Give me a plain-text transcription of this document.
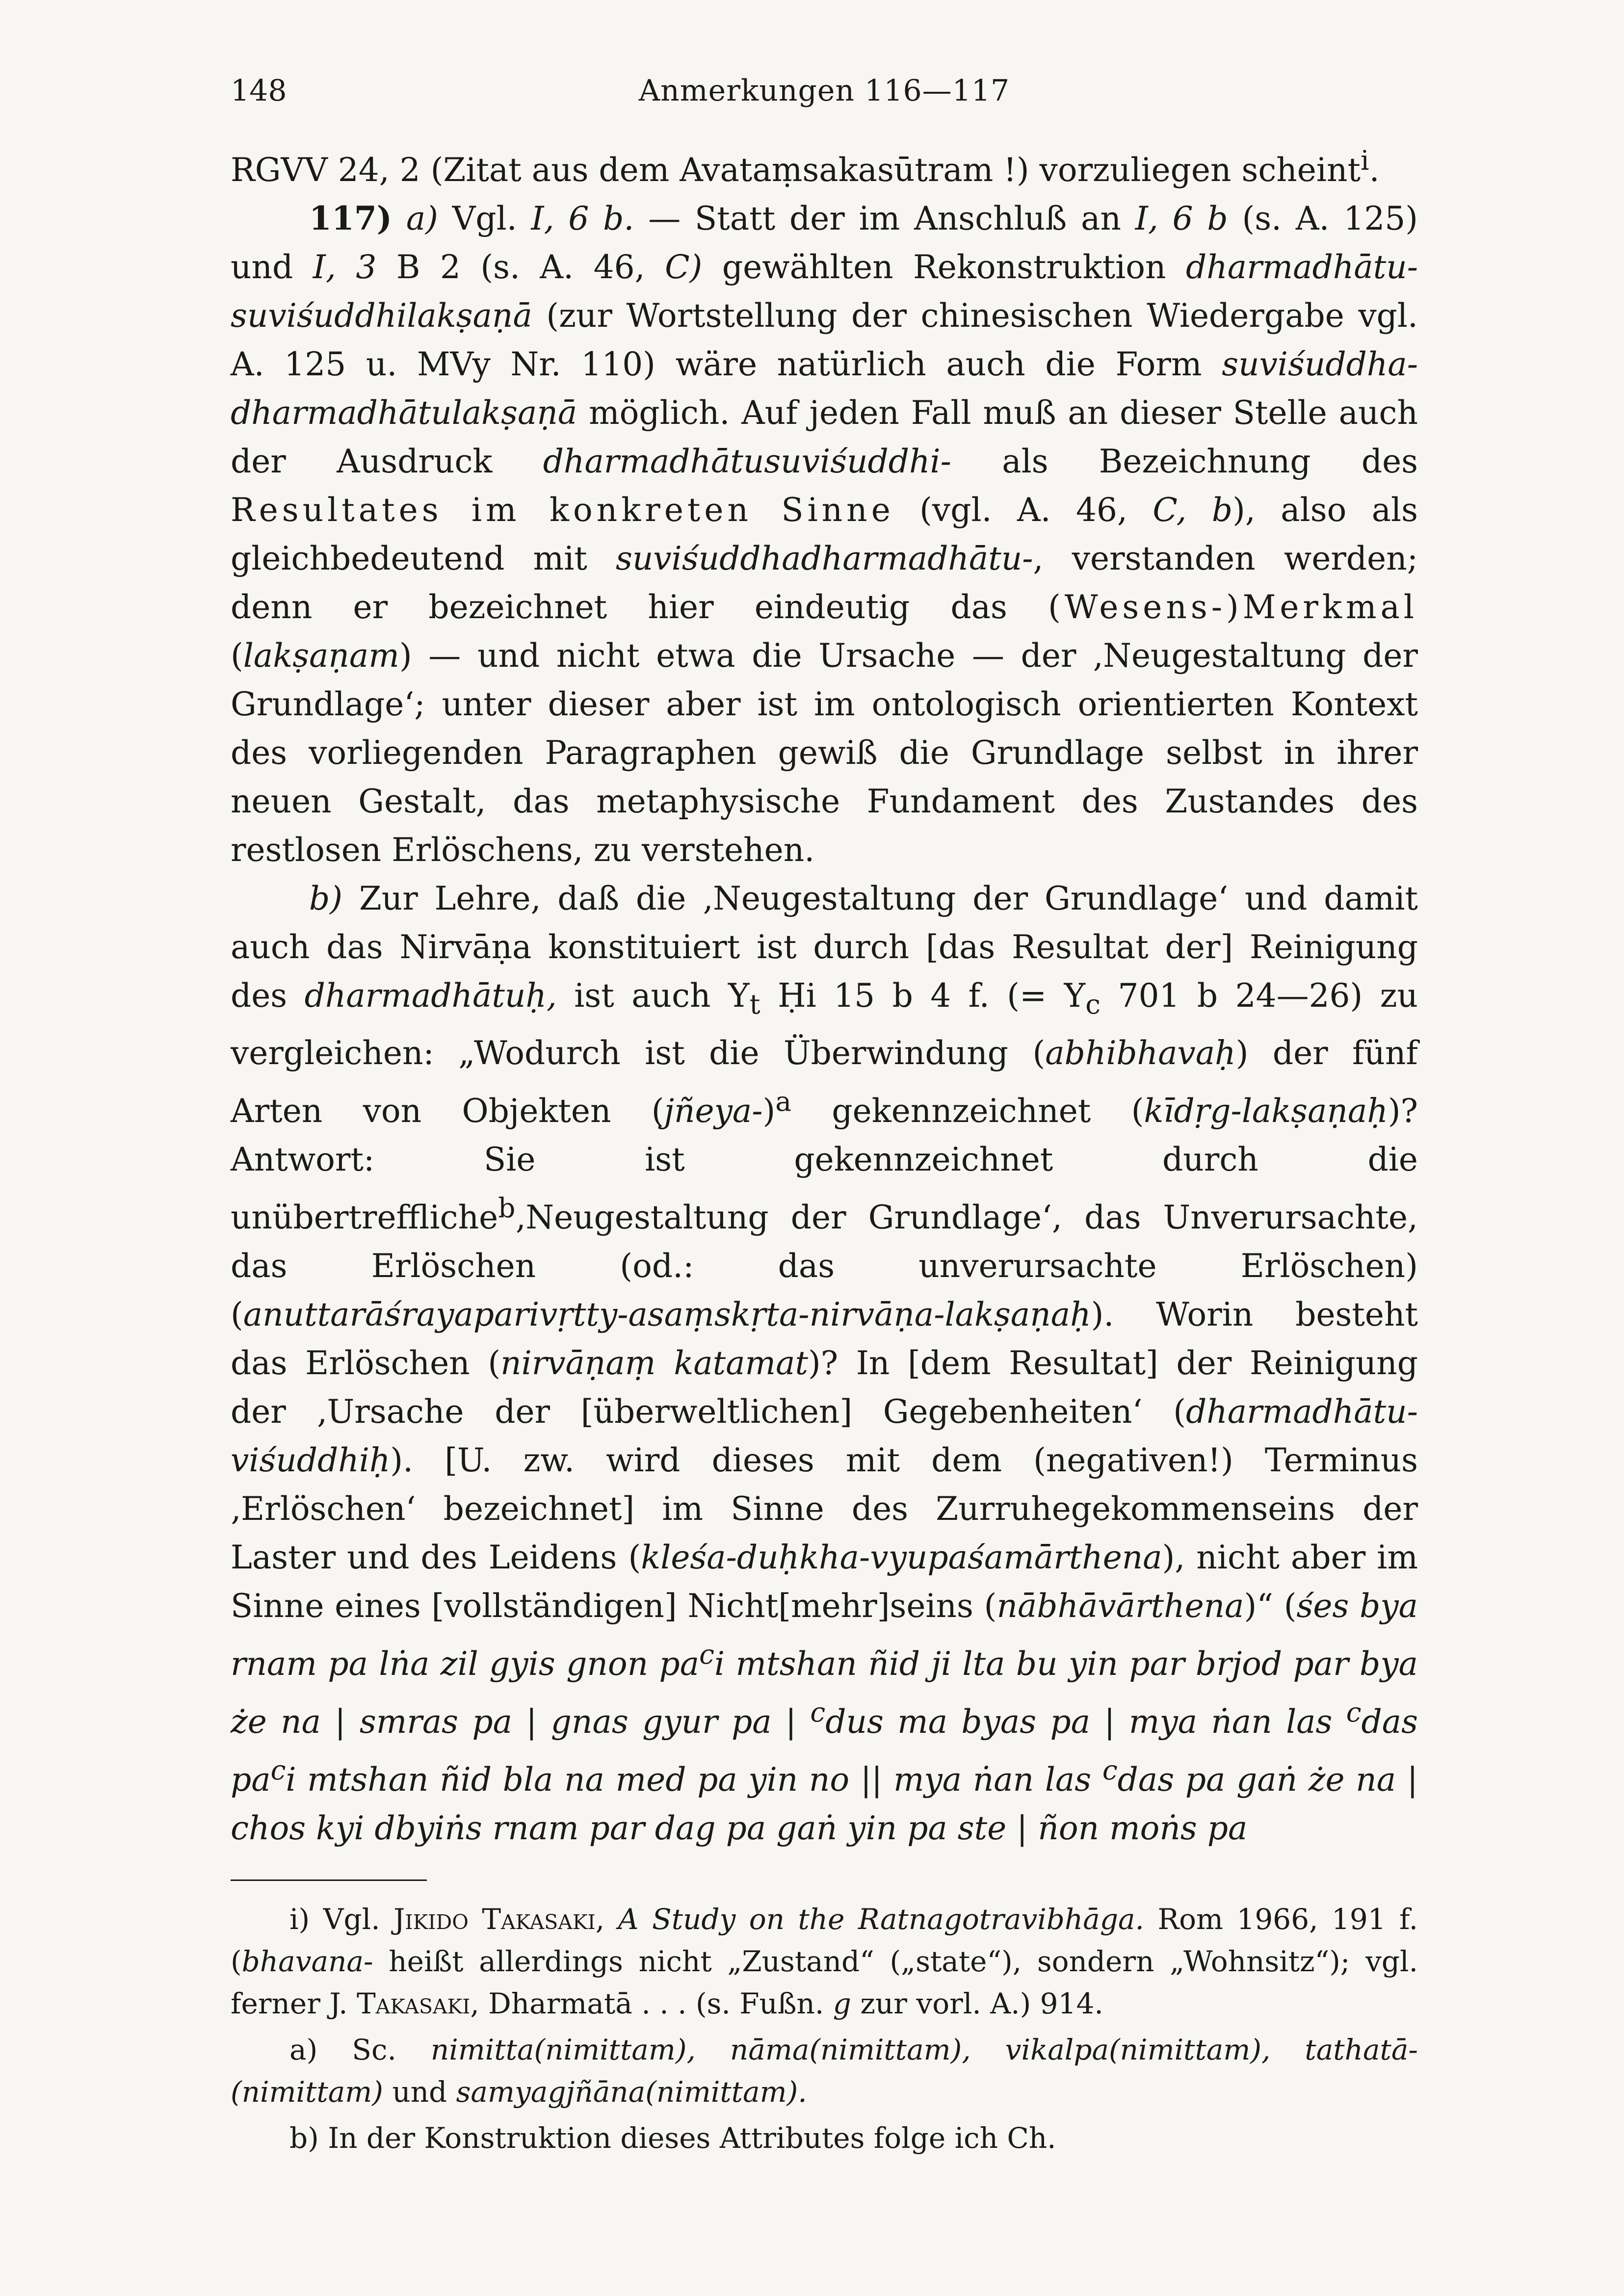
148	Anmerkungen 116—117

RGVV 24, 2 (Zitat aus dem Avataṃsakasūtram !) vorzuliegen scheint$^i$.

117) a) Vgl. I, 6 b. — Statt der im Anschluß an I, 6 b (s. A. 125) und I, 3 B 2 (s. A. 46, C) gewählten Rekonstruktion dharmadhātu-suviśuddhilakṣaṇā (zur Wortstellung der chinesischen Wiedergabe vgl. A. 125 u. MVy Nr. 110) wäre natürlich auch die Form suviśuddha-dharmadhātulakṣaṇā möglich. Auf jeden Fall muß an dieser Stelle auch der Ausdruck dharmadhātusuviśuddhi- als Bezeichnung des Resultates im konkreten Sinne (vgl. A. 46, C, b), also als gleichbedeutend mit suviśuddhadharmadhātu-, verstanden werden; denn er bezeichnet hier eindeutig das (Wesens-)Merkmal (lakṣaṇam) — und nicht etwa die Ursache — der ‚Neugestaltung der Grundlage‘; unter dieser aber ist im ontologisch orientierten Kontext des vorliegenden Paragraphen gewiß die Grundlage selbst in ihrer neuen Gestalt, das metaphysische Fundament des Zustandes des restlosen Erlöschens, zu verstehen.

b) Zur Lehre, daß die ‚Neugestaltung der Grundlage‘ und damit auch das Nirvāṇa konstituiert ist durch [das Resultat der] Reinigung des dharmadhātuḥ, ist auch $Y_t$ Ḥi 15 b 4 f. (= $Y_c$ 701 b 24—26) zu vergleichen: „Wodurch ist die Überwindung (abhibhavaḥ) der fünf Arten von Objekten (jñeya-)$^a$ gekennzeichnet (kīdṛg-lakṣaṇaḥ)? Antwort: Sie ist gekennzeichnet durch die unübertreffliche$^b$‚Neugestaltung der Grundlage‘, das Unverursachte, das Erlöschen (od.: das unverursachte Erlöschen) (anuttarāśrayaparivṛtty-asaṃskṛta-nirvāṇa-lakṣaṇaḥ). Worin besteht das Erlöschen (nirvāṇaṃ katamat)? In [dem Resultat] der Reinigung der ‚Ursache der [überweltlichen] Gegebenheiten‘ (dharmadhātu-viśuddhiḥ). [U. zw. wird dieses mit dem (negativen!) Terminus ‚Erlöschen‘ bezeichnet] im Sinne des Zurruhegekommenseins der Laster und des Leidens (kleśa-duḥkha-vyupaśamārthena), nicht aber im Sinne eines [vollständigen] Nicht[mehr]seins (nābhāvārthena)“ (śes bya rnam pa lṅa zil gyis gnon $pa^ci$ mtshan ñid ji lta bu yin par brjod par bya że na | smras pa | gnas gyur pa | $^c$dus ma byas pa | mya ṅan las $^c$das $pa^ci$ mtshan ñid bla na med pa yin no || mya ṅan las $^c$das pa gaṅ że na | chos kyi dbyiṅs rnam par dag pa gaṅ yin pa ste | ñon moṅs pa

i) Vgl. Jikido Takasaki, A Study on the Ratnagotravibhāga. Rom 1966, 191 f. (bhavana- heißt allerdings nicht „Zustand“ („state“), sondern „Wohnsitz“); vgl. ferner J. Takasaki, Dharmatā . . . (s. Fußn. g zur vorl. A.) 914.

a) Sc. nimitta(nimittam), nāma(nimittam), vikalpa(nimittam), tathatā-(nimittam) und samyagjñāna(nimittam).

b) In der Konstruktion dieses Attributes folge ich Ch.
